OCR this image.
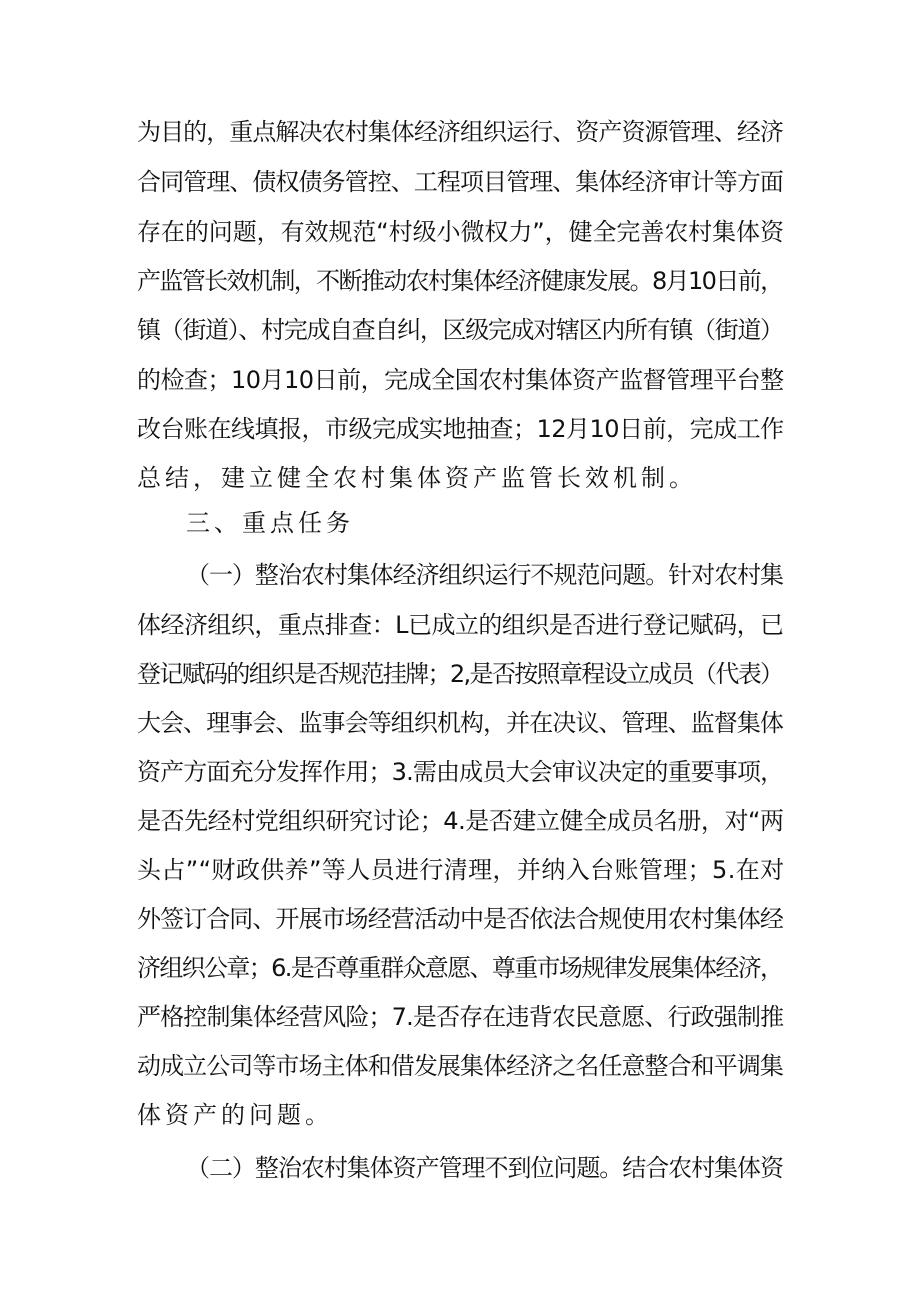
为目的，重点解决农村集体经济组织运行、资产资源管理、经济
合同管理、债权债务管控、工程项目管理、集体经济审计等方面
存在的问题，有效规范“村级小微权力”，健全完善农村集体资
产监管长效机制，不断推动农村集体经济健康发展。8月10日前，
镇（街道）、村完成自查自纠，区级完成对辖区内所有镇（街道）
的检查；10月10日前，完成全国农村集体资产监督管理平台整
改台账在线填报，市级完成实地抽查；12月10日前，完成工作
总结，建立健全农村集体资产监管长效机制。
三、重点任务
（一）整治农村集体经济组织运行不规范问题。针对农村集
体经济组织，重点排查：L已成立的组织是否进行登记赋码，已
登记赋码的组织是否规范挂牌；2,是否按照章程设立成员（代表）
大会、理事会、监事会等组织机构，并在决议、管理、监督集体
资产方面充分发挥作用；3.需由成员大会审议决定的重要事项，
是否先经村党组织研究讨论；4.是否建立健全成员名册，对“两
头占”“财政供养”等人员进行清理，并纳入台账管理；5.在对
外签订合同、开展市场经营活动中是否依法合规使用农村集体经
济组织公章；6.是否尊重群众意愿、尊重市场规律发展集体经济，
严格控制集体经营风险；7.是否存在违背农民意愿、行政强制推
动成立公司等市场主体和借发展集体经济之名任意整合和平调集
体资产的问题。
（二）整治农村集体资产管理不到位问题。结合农村集体资
